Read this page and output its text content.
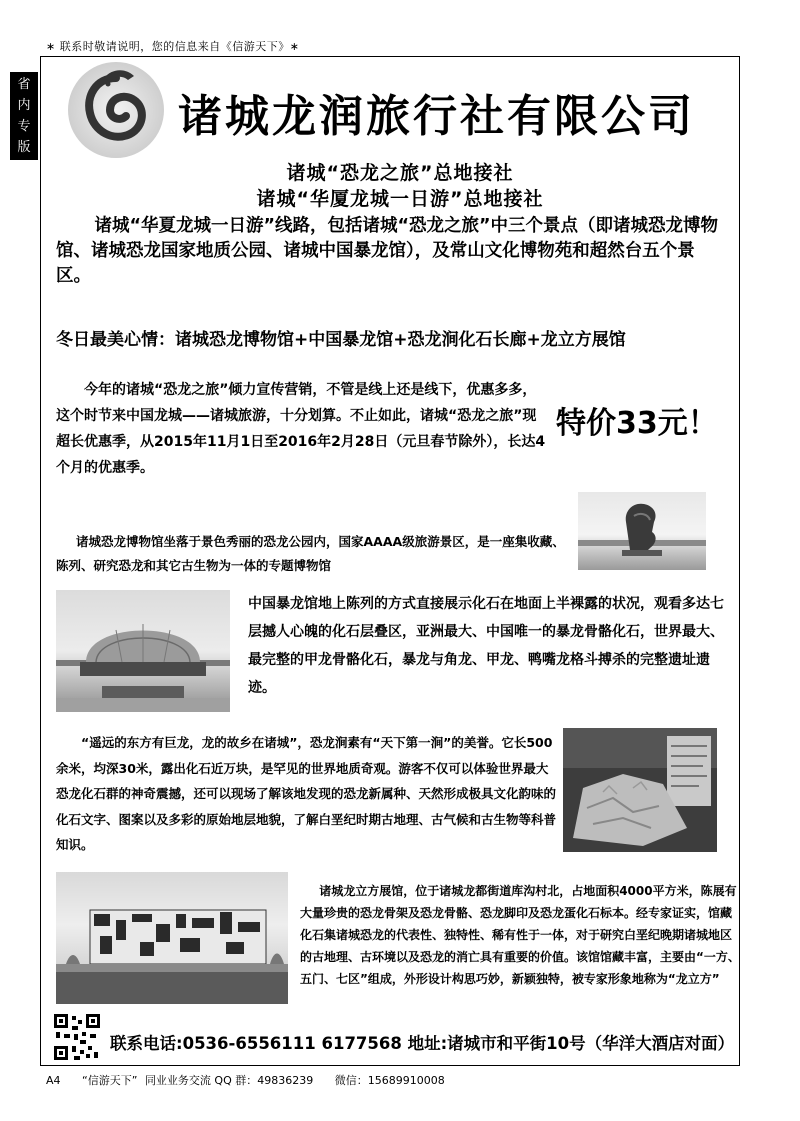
∗ 联系时敬请说明，您的信息来自《信游天下》∗
省
内
专
版
诸城龙润旅行社有限公司
诸城“恐龙之旅”总地接社
诸城“华厦龙城一日游”总地接社
诸城“华夏龙城一日游”线路，包括诸城“恐龙之旅”中三个景点（即诸城恐龙博物馆、诸城恐龙国家地质公园、诸城中国暴龙馆），及常山文化博物苑和超然台五个景区。
冬日最美心情：诸城恐龙博物馆+中国暴龙馆+恐龙涧化石长廊+龙立方展馆
今年的诸城“恐龙之旅”倾力宣传营销，不管是线上还是线下，优惠多多，这个时节来中国龙城——诸城旅游，十分划算。不止如此，诸城“恐龙之旅”现超长优惠季，从2015年11月1日至2016年2月28日（元旦春节除外），长达4个月的优惠季。
特价33元！
诸城恐龙博物馆坐落于景色秀丽的恐龙公园内，国家AAAA级旅游景区，是一座集收藏、陈列、研究恐龙和其它古生物为一体的专题博物馆
中国暴龙馆地上陈列的方式直接展示化石在地面上半裸露的状况，观看多达七层撼人心魄的化石层叠区，亚洲最大、中国唯一的暴龙骨骼化石，世界最大、最完整的甲龙骨骼化石，暴龙与角龙、甲龙、鸭嘴龙格斗搏杀的完整遗址遗迹。
“遥远的东方有巨龙，龙的故乡在诸城”，恐龙涧素有“天下第一涧”的美誉。它长500余米，均深30米，露出化石近万块，是罕见的世界地质奇观。游客不仅可以体验世界最大恐龙化石群的神奇震撼，还可以现场了解该地发现的恐龙新属种、天然形成极具文化韵味的化石文字、图案以及多彩的原始地层地貌，了解白垩纪时期古地理、古气候和古生物等科普知识。
诸城龙立方展馆，位于诸城龙都街道库沟村北，占地面积4000平方米，陈展有大量珍贵的恐龙骨架及恐龙骨骼、恐龙脚印及恐龙蛋化石标本。经专家证实，馆藏化石集诸城恐龙的代表性、独特性、稀有性于一体，对于研究白垩纪晚期诸城地区的古地理、古环境以及恐龙的消亡具有重要的价值。该馆馆藏丰富，主要由“一方、五门、七区”组成，外形设计构思巧妙，新颖独特，被专家形象地称为“龙立方”
联系电话:0536-6556111 6177568 地址:诸城市和平街10号（华洋大酒店对面）
A4 “信游天下” 同业业务交流 QQ 群：49836239 微信：15689910008
